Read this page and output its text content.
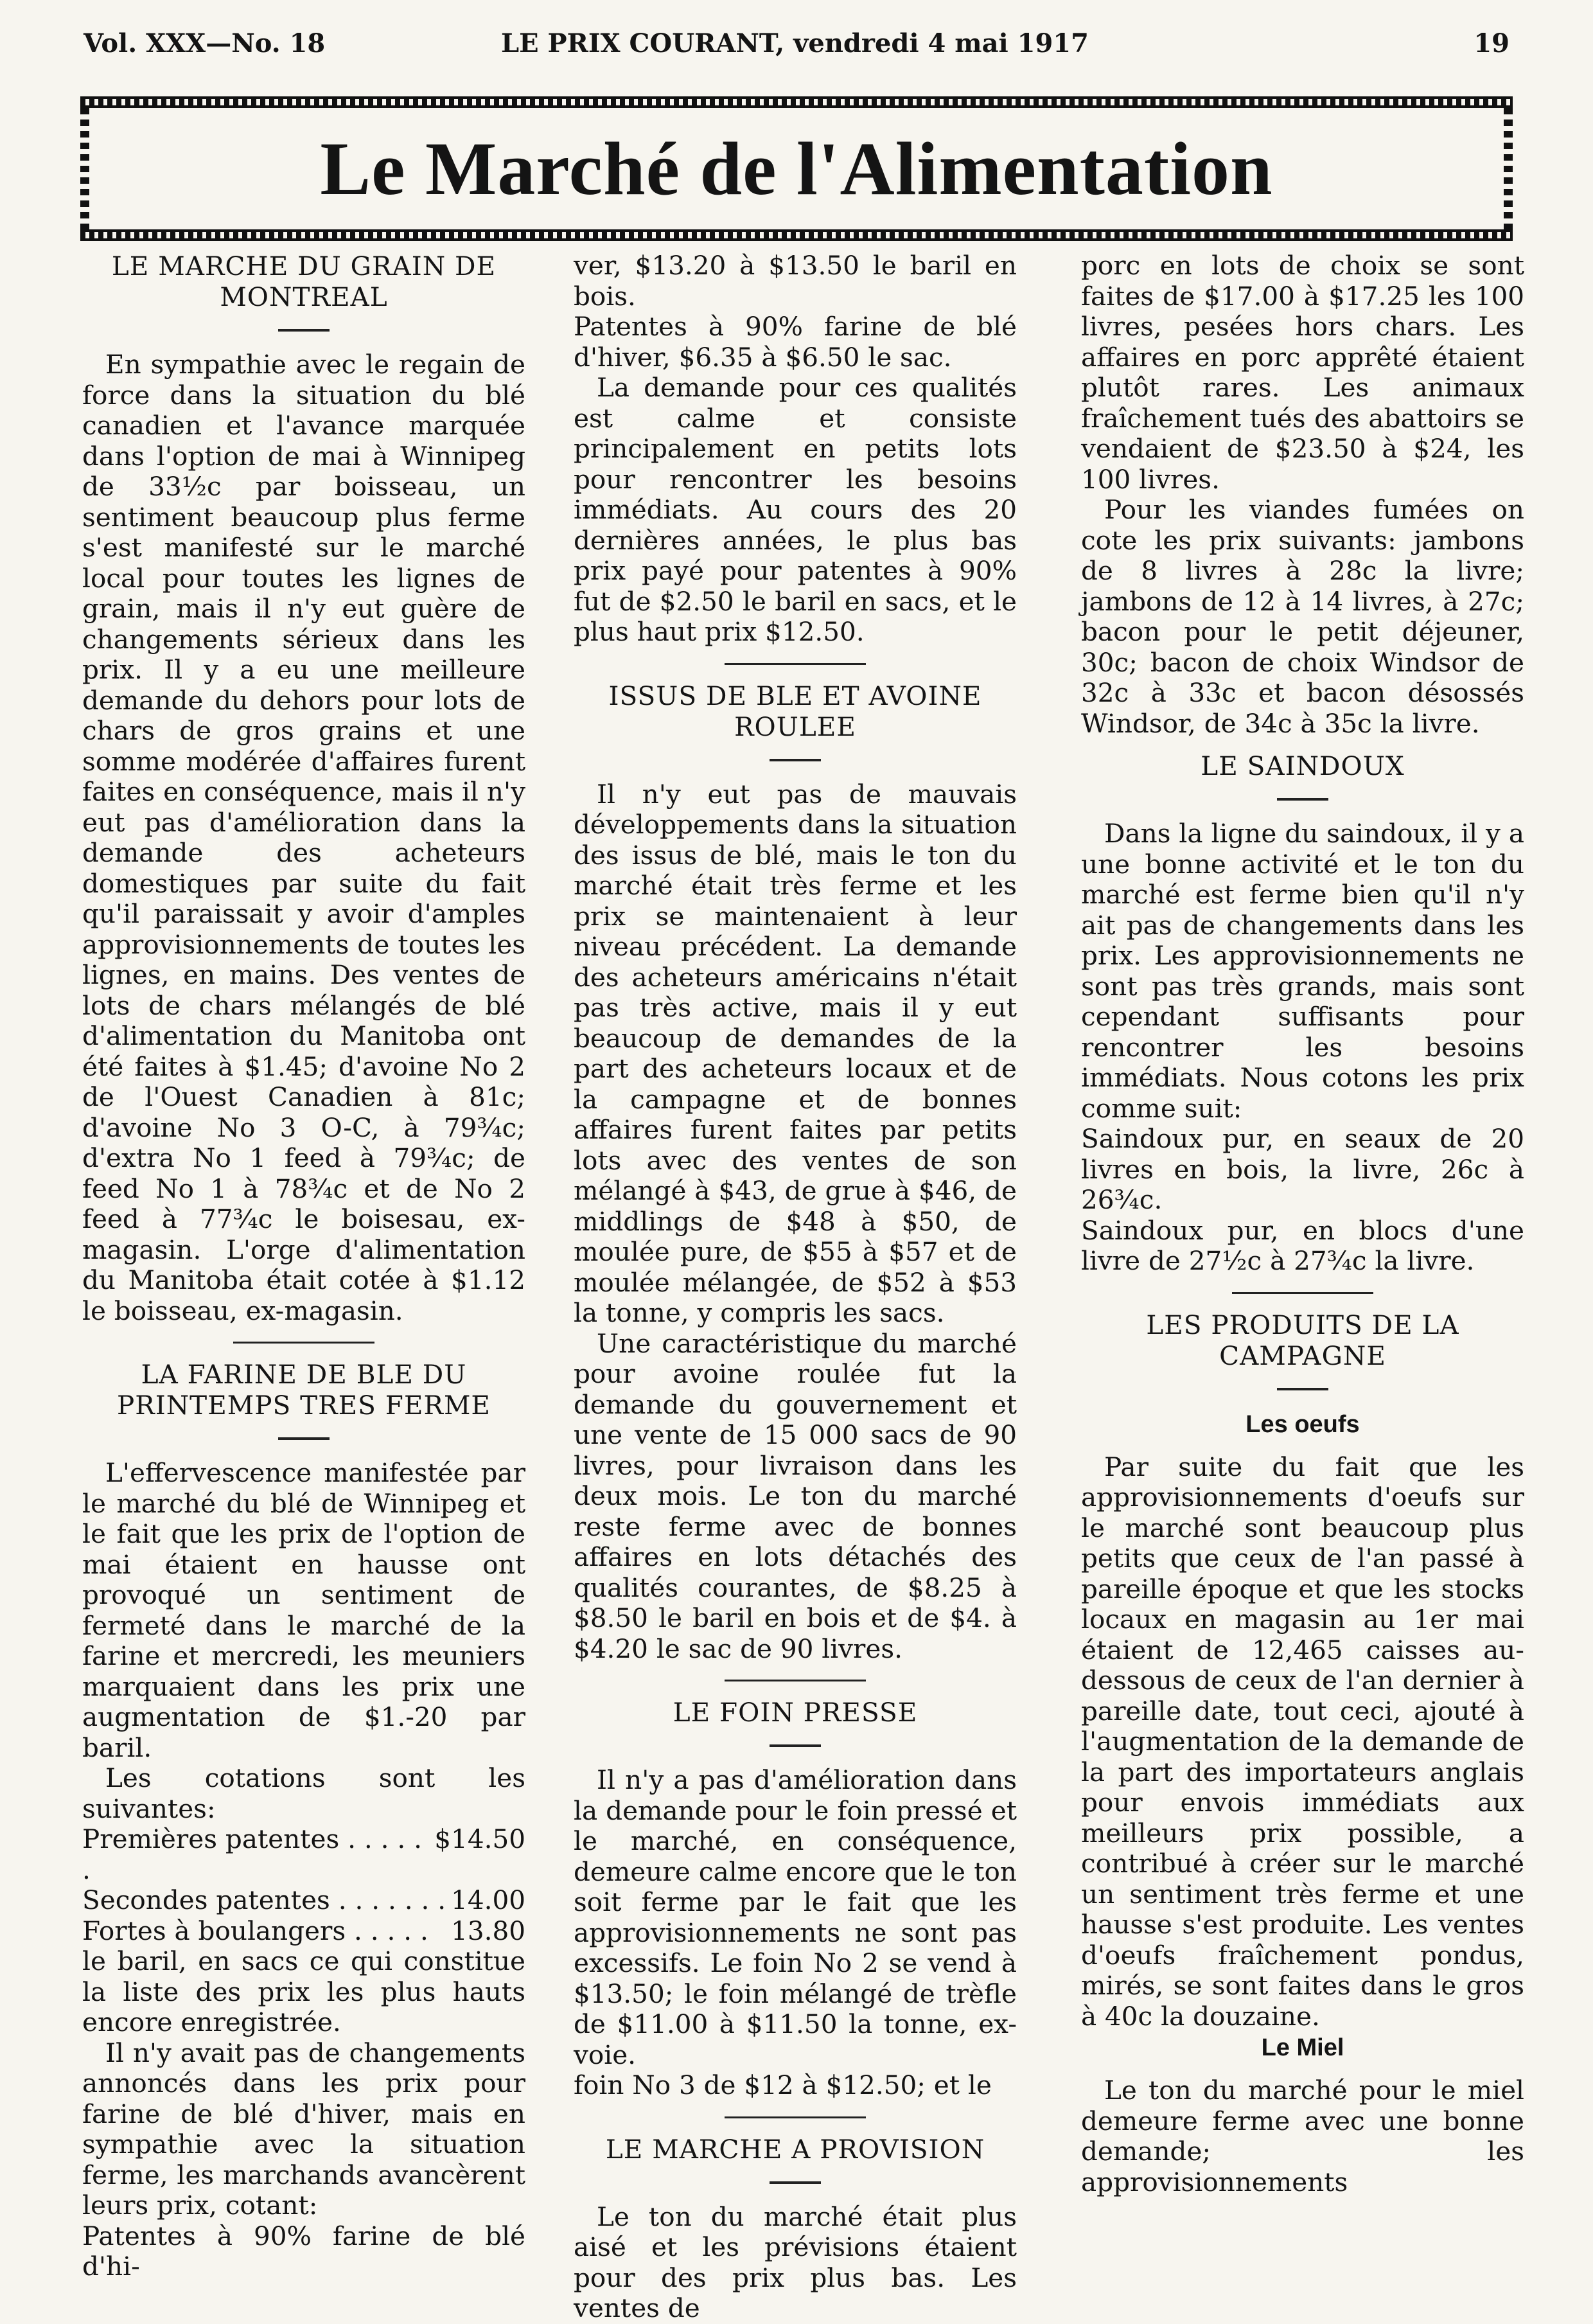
Vol. XXX—No. 18	LE PRIX COURANT, vendredi 4 mai 1917	19
Le Marché de l'Alimentation
LE MARCHE DU GRAIN DE MONTREAL

En sympathie avec le regain de force dans la situation du blé canadien et l'avance marquée dans l'option de mai à Winnipeg de 33½c par boisseau, un sentiment beaucoup plus ferme s'est manifesté sur le marché local pour toutes les lignes de grain, mais il n'y eut guère de changements sérieux dans les prix. Il y a eu une meilleure demande du dehors pour lots de chars de gros grains et une somme modérée d'affaires furent faites en conséquence, mais il n'y eut pas d'amélioration dans la demande des acheteurs domestiques par suite du fait qu'il paraissait y avoir d'amples approvisionnements de toutes les lignes, en mains. Des ventes de lots de chars mélangés de blé d'alimentation du Manitoba ont été faites à $1.45; d'avoine No 2 de l'Ouest Canadien à 81c; d'avoine No 3 O-C, à 79¾c; d'extra No 1 feed à 79¾c; de feed No 1 à 78¾c et de No 2 feed à 77¾c le boisesau, ex-magasin. L'orge d'alimentation du Manitoba était cotée à $1.12 le boisseau, ex-magasin.

LA FARINE DE BLE DU PRINTEMPS TRES FERME

L'effervescence manifestée par le marché du blé de Winnipeg et le fait que les prix de l'option de mai étaient en hausse ont provoqué un sentiment de fermeté dans le marché de la farine et mercredi, les meuniers marquaient dans les prix une augmentation de $1.-20 par baril.

Les cotations sont les suivantes:

Premières patentes . . . . . .
$14.50
Secondes patentes . . . . . . . 14.00
Fortes à boulangers . . . . . 13.80

le baril, en sacs ce qui constitue la liste des prix les plus hauts encore enregistrée.

Il n'y avait pas de changements annoncés dans les prix pour farine de blé d'hiver, mais en sympathie avec la situation ferme, les marchands avancèrent leurs prix, cotant:

Patentes à 90% farine de blé d'hi-

ver, $13.20 à $13.50 le baril en bois.

Patentes à 90% farine de blé d'hiver, $6.35 à $6.50 le sac.

La demande pour ces qualités est calme et consiste principalement en petits lots pour rencontrer les besoins immédiats. Au cours des 20 dernières années, le plus bas prix payé pour patentes à 90% fut de $2.50 le baril en sacs, et le plus haut prix $12.50.

ISSUS DE BLE ET AVOINE ROULEE

Il n'y eut pas de mauvais développements dans la situation des issus de blé, mais le ton du marché était très ferme et les prix se maintenaient à leur niveau précédent. La demande des acheteurs américains n'était pas très active, mais il y eut beaucoup de demandes de la part des acheteurs locaux et de la campagne et de bonnes affaires furent faites par petits lots avec des ventes de son mélangé à $43, de grue à $46, de middlings de $48 à $50, de moulée pure, de $55 à $57 et de moulée mélangée, de $52 à $53 la tonne, y compris les sacs.

Une caractéristique du marché pour avoine roulée fut la demande du gouvernement et une vente de 15 000 sacs de 90 livres, pour livraison dans les deux mois. Le ton du marché reste ferme avec de bonnes affaires en lots détachés des qualités courantes, de $8.25 à $8.50 le baril en bois et de $4. à $4.20 le sac de 90 livres.

LE FOIN PRESSE

Il n'y a pas d'amélioration dans la demande pour le foin pressé et le marché, en conséquence, demeure calme encore que le ton soit ferme par le fait que les approvisionnements ne sont pas excessifs. Le foin No 2 se vend à $13.50; le foin mélangé de trèfle de $11.00 à $11.50 la tonne, ex-voie.

foin No 3 de $12 à $12.50; et le

LE MARCHE A PROVISION

Le ton du marché était plus aisé et les prévisions étaient pour des prix plus bas. Les ventes de

porc en lots de choix se sont faites de $17.00 à $17.25 les 100 livres, pesées hors chars. Les affaires en porc apprêté étaient plutôt rares. Les animaux fraîchement tués des abattoirs se vendaient de $23.50 à $24, les 100 livres.

Pour les viandes fumées on cote les prix suivants: jambons de 8 livres à 28c la livre; jambons de 12 à 14 livres, à 27c; bacon pour le petit déjeuner, 30c; bacon de choix Windsor de 32c à 33c et bacon désossés Windsor, de 34c à 35c la livre.

LE SAINDOUX

Dans la ligne du saindoux, il y a une bonne activité et le ton du marché est ferme bien qu'il n'y ait pas de changements dans les prix. Les approvisionnements ne sont pas très grands, mais sont cependant suffisants pour rencontrer les besoins immédiats. Nous cotons les prix comme suit:

Saindoux pur, en seaux de 20 livres en bois, la livre, 26c à 26¾c.

Saindoux pur, en blocs d'une livre de 27½c à 27¾c la livre.

LES PRODUITS DE LA CAMPAGNE
Les oeufs

Par suite du fait que les approvisionnements d'oeufs sur le marché sont beaucoup plus petits que ceux de l'an passé à pareille époque et que les stocks locaux en magasin au 1er mai étaient de 12,465 caisses au-dessous de ceux de l'an dernier à pareille date, tout ceci, ajouté à l'augmentation de la demande de la part des importateurs anglais pour envois immédiats aux meilleurs prix possible, a contribué à créer sur le marché un sentiment très ferme et une hausse s'est produite. Les ventes d'oeufs fraîchement pondus, mirés, se sont faites dans le gros à 40c la douzaine.

Le Miel

Le ton du marché pour le miel demeure ferme avec une bonne demande; les approvisionnements
